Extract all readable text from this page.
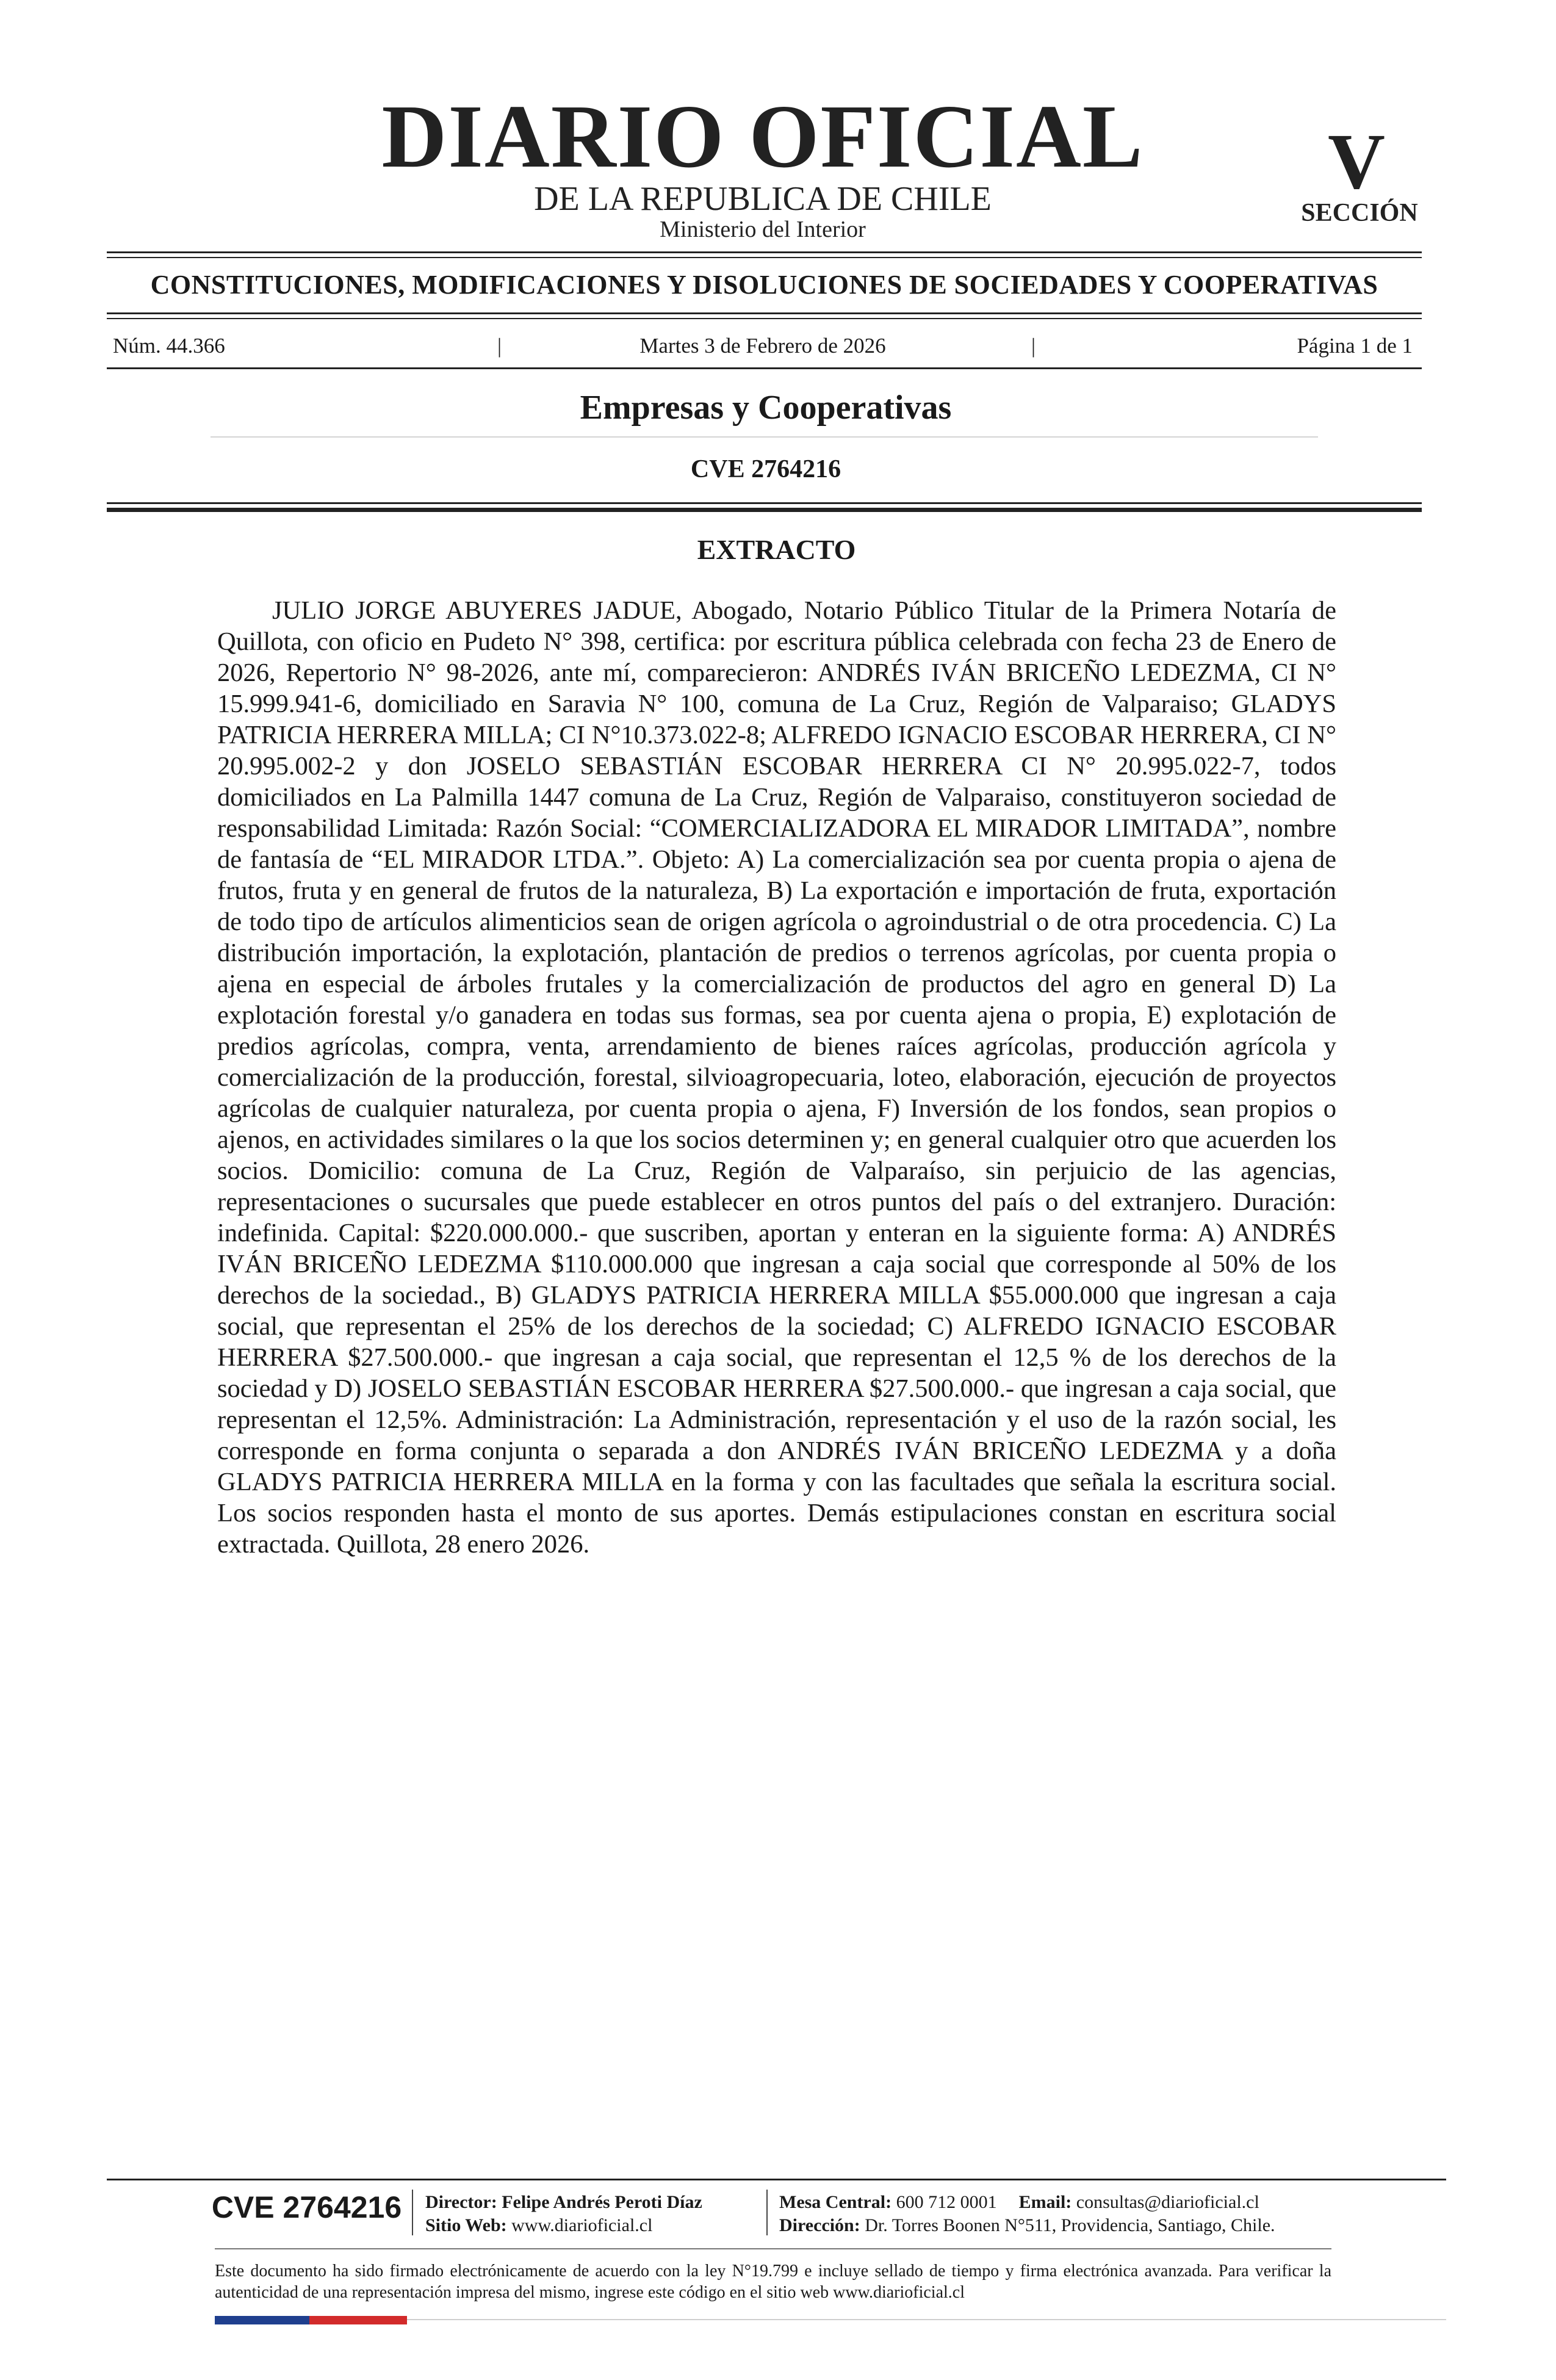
DIARIO OFICIAL
DE LA REPUBLICA DE CHILE
Ministerio del Interior
V
SECCIÓN
CONSTITUCIONES, MODIFICACIONES Y DISOLUCIONES DE SOCIEDADES Y COOPERATIVAS
Núm. 44.366	|	Martes 3 de Febrero de 2026	|	Página 1 de 1
Empresas y Cooperativas
CVE 2764216
EXTRACTO

JULIO JORGE ABUYERES JADUE, Abogado, Notario Público Titular de la Primera Notaría de Quillota, con oficio en Pudeto N° 398, certifica: por escritura pública celebrada con fecha 23 de Enero de 2026, Repertorio N° 98-2026, ante mí, comparecieron: ANDRÉS IVÁN BRICEÑO LEDEZMA, CI N° 15.999.941-6, domiciliado en Saravia N° 100, comuna de La Cruz, Región de Valparaiso; GLADYS PATRICIA HERRERA MILLA; CI N°10.373.022-8; ALFREDO IGNACIO ESCOBAR HERRERA, CI N° 20.995.002-2 y don JOSELO SEBASTIÁN ESCOBAR HERRERA CI N° 20.995.022-7, todos domiciliados en La Palmilla 1447 comuna de La Cruz, Región de Valparaiso, constituyeron sociedad de responsabilidad Limitada: Razón Social: “COMERCIALIZADORA EL MIRADOR LIMITADA”, nombre de fantasía de “EL MIRADOR LTDA.”. Objeto: A) La comercialización sea por cuenta propia o ajena de frutos, fruta y en general de frutos de la naturaleza, B) La exportación e importación de fruta, exportación de todo tipo de artículos alimenticios sean de origen agrícola o agroindustrial o de otra procedencia. C) La distribución importación, la explotación, plantación de predios o terrenos agrícolas, por cuenta propia o ajena en especial de árboles frutales y la comercialización de productos del agro en general D) La explotación forestal y/o ganadera en todas sus formas, sea por cuenta ajena o propia, E) explotación de predios agrícolas, compra, venta, arrendamiento de bienes raíces agrícolas, producción agrícola y comercialización de la producción, forestal, silvioagropecuaria, loteo, elaboración, ejecución de proyectos agrícolas de cualquier naturaleza, por cuenta propia o ajena, F) Inversión de los fondos, sean propios o ajenos, en actividades similares o la que los socios determinen y; en general cualquier otro que acuerden los socios. Domicilio: comuna de La Cruz, Región de Valparaíso, sin perjuicio de las agencias, representaciones o sucursales que puede establecer en otros puntos del país o del extranjero. Duración: indefinida. Capital: $220.000.000.- que suscriben, aportan y enteran en la siguiente forma: A) ANDRÉS IVÁN BRICEÑO LEDEZMA $110.000.000 que ingresan a caja social que corresponde al 50% de los derechos de la sociedad., B) GLADYS PATRICIA HERRERA MILLA $55.000.000 que ingresan a caja social, que representan el 25% de los derechos de la sociedad; C) ALFREDO IGNACIO ESCOBAR HERRERA $27.500.000.- que ingresan a caja social, que representan el 12,5 % de los derechos de la sociedad y D) JOSELO SEBASTIÁN ESCOBAR HERRERA $27.500.000.- que ingresan a caja social, que representan el 12,5%. Administración: La Administración, representación y el uso de la razón social, les corresponde en forma conjunta o separada a don ANDRÉS IVÁN BRICEÑO LEDEZMA y a doña GLADYS PATRICIA HERRERA MILLA en la forma y con las facultades que señala la escritura social. Los socios responden hasta el monto de sus aportes. Demás estipulaciones constan en escritura social extractada. Quillota, 28 enero 2026.

CVE 2764216	Director: Felipe Andrés Peroti Díaz
Sitio Web: www.diarioficial.cl
Mesa Central: 600 712 0001 Email: consultas@diarioficial.cl
Dirección: Dr. Torres Boonen N°511, Providencia, Santiago, Chile.

Este documento ha sido firmado electrónicamente de acuerdo con la ley N°19.799 e incluye sellado de tiempo y firma electrónica avanzada. Para verificar la autenticidad de una representación impresa del mismo, ingrese este código en el sitio web www.diarioficial.cl
